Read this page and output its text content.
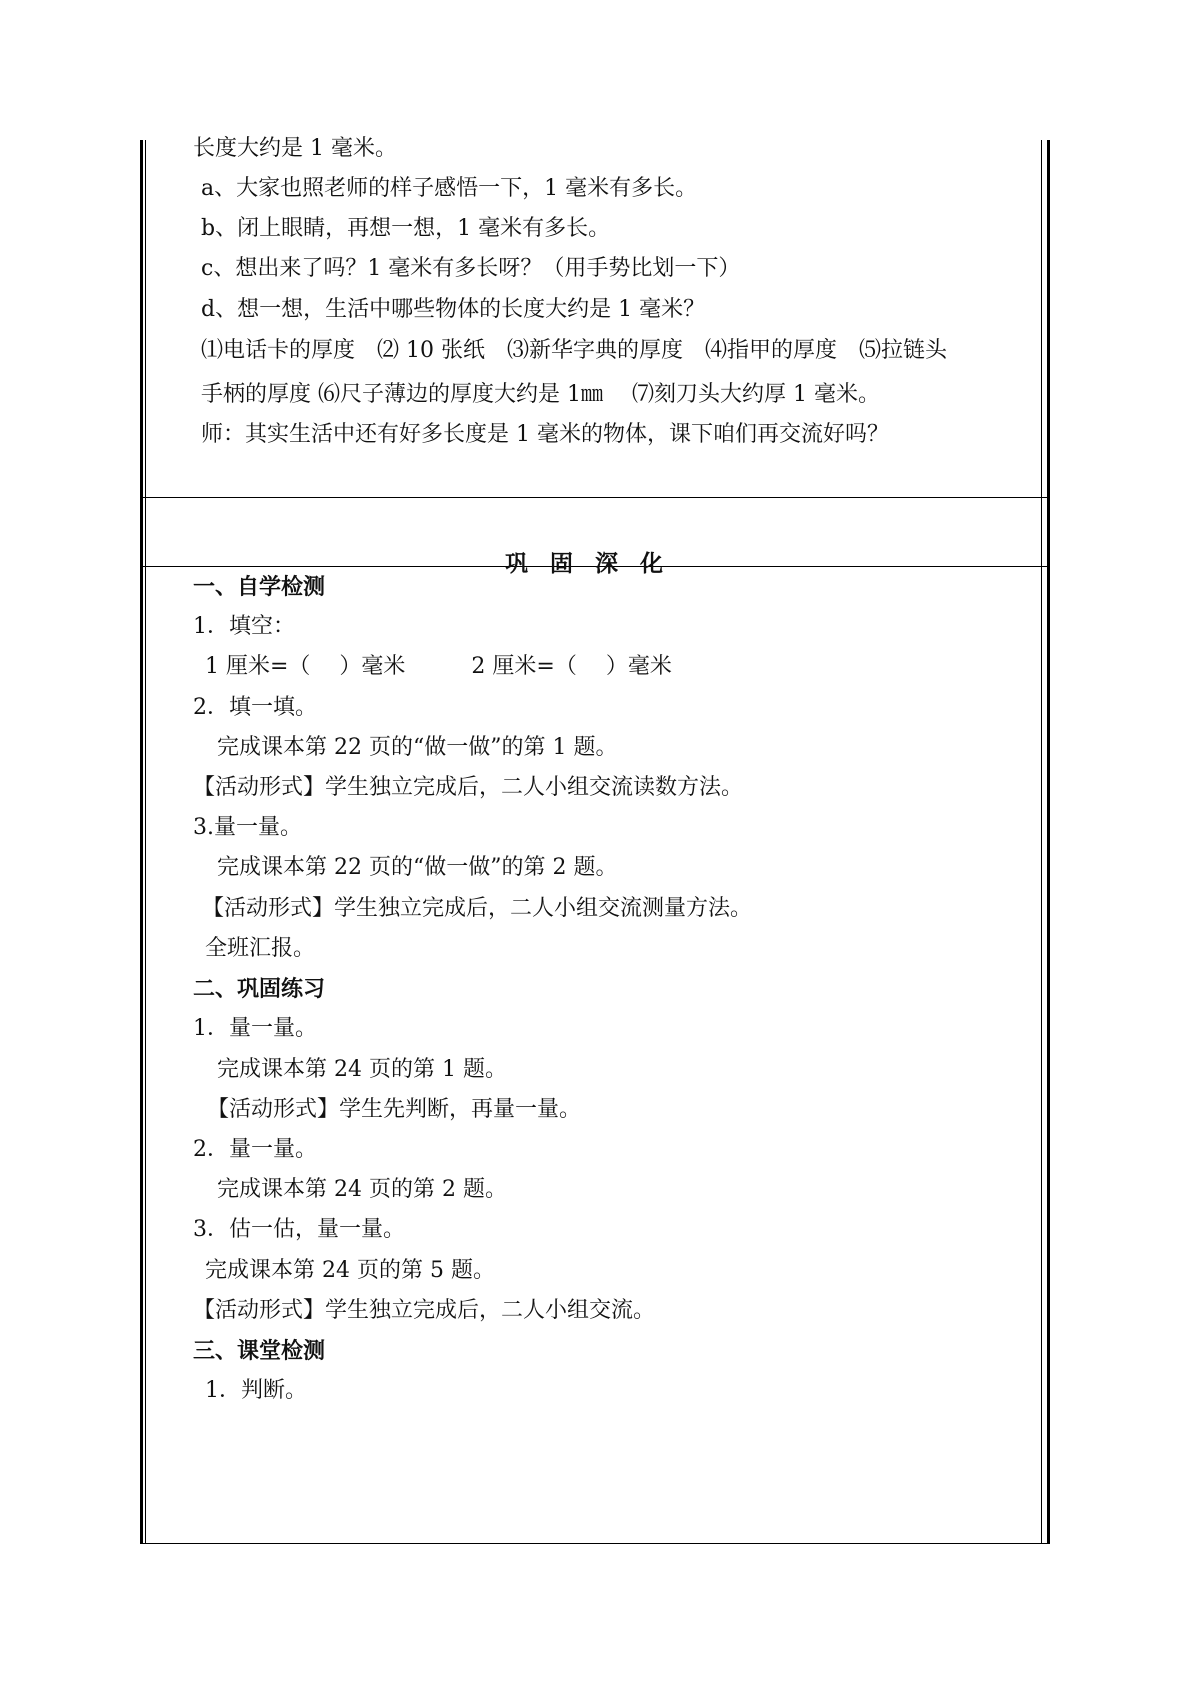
长度大约是 1 毫米。
a、大家也照老师的样子感悟一下，1 毫米有多长。
b、闭上眼睛，再想一想，1 毫米有多长。
c、想出来了吗？1 毫米有多长呀？（用手势比划一下）
d、想一想，生活中哪些物体的长度大约是 1 毫米？
⑴电话卡的厚度　⑵ 10 张纸　⑶新华字典的厚度　⑷指甲的厚度　⑸拉链头
手柄的厚度 ⑹尺子薄边的厚度大约是 1㎜　 ⑺刻刀头大约厚 1 毫米。
师：其实生活中还有好多长度是 1 毫米的物体，课下咱们再交流好吗？
巩固深化
一、自学检测
1．填空：
1 厘米=（　 ）毫米　　　2 厘米=（　 ）毫米
2．填一填。
完成课本第 22 页的“做一做”的第 1 题。
【活动形式】学生独立完成后，二人小组交流读数方法。
3.量一量。
完成课本第 22 页的“做一做”的第 2 题。
【活动形式】学生独立完成后，二人小组交流测量方法。
全班汇报。
二、巩固练习
1．量一量。
完成课本第 24 页的第 1 题。
【活动形式】学生先判断，再量一量。
2．量一量。
完成课本第 24 页的第 2 题。
3．估一估，量一量。
完成课本第 24 页的第 5 题。
【活动形式】学生独立完成后，二人小组交流。
三、课堂检测
1．判断。
